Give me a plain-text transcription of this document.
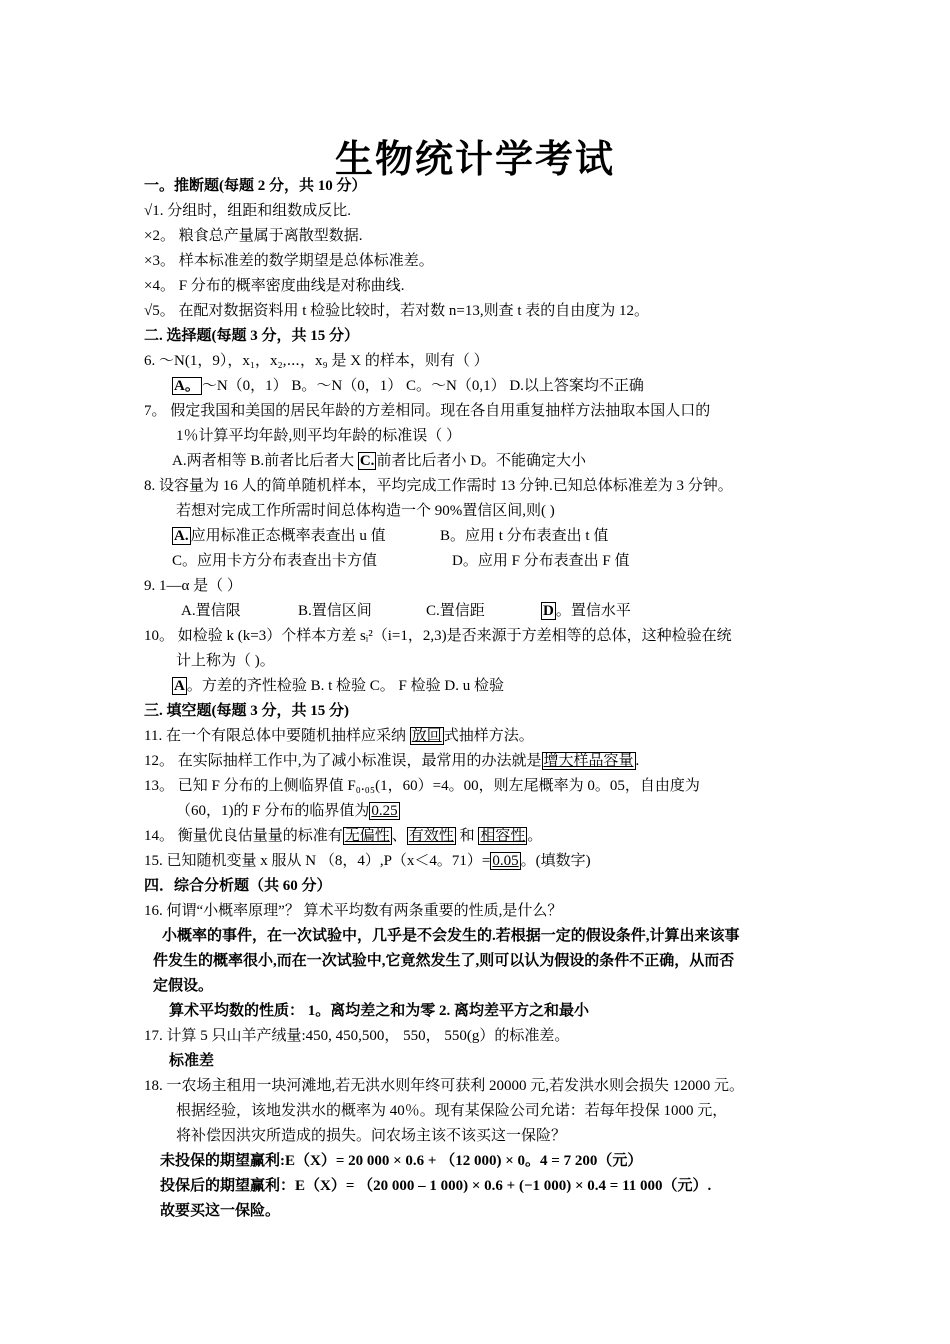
生物统计学考试
一。推断题(每题 2 分，共 10 分）
√1. 分组时，组距和组数成反比.
×2。 粮食总产量属于离散型数据.
×3。 样本标准差的数学期望是总体标准差。
×4。 F 分布的概率密度曲线是对称曲线.
√5。 在配对数据资料用 t 检验比较时，若对数 n=13,则查 t 表的自由度为 12。
二. 选择题(每题 3 分，共 15 分）
6. ～N(1，9），x₁，x₂,⋯，x₉ 是 X 的样本，则有（ ）
A。 ～N（0，1） B。～N（0，1） C。～N（0,1） D.以上答案均不正确
7。 假定我国和美国的居民年龄的方差相同。现在各自用重复抽样方法抽取本国人口的
1％计算平均年龄,则平均年龄的标准误（ ）
A.两者相等 B.前者比后者大 C. 前者比后者小 D。不能确定大小
8. 设容量为 16 人的简单随机样本，平均完成工作需时 13 分钟.已知总体标准差为 3 分钟。
若想对完成工作所需时间总体构造一个 90%置信区间,则( )
A. 应用标准正态概率表查出 u 值	B。应用 t 分布表查出 t 值
C。应用卡方分布表查出卡方值	D。应用 F 分布表查出 F 值
9. 1—α 是（ ）
A.置信限	B.置信区间	C.置信距	D 。置信水平
10。 如检验 k (k=3）个样本方差 sᵢ²（i=1，2,3)是否来源于方差相等的总体，这种检验在统
计上称为（ )。
A 。方差的齐性检验 B. t 检验 C。 F 检验 D. u 检验
三. 填空题(每题 3 分，共 15 分)
11. 在一个有限总体中要随机抽样应采纳 放回 式抽样方法。
12。 在实际抽样工作中,为了减小标准误，最常用的办法就是 增大样品容量 .
13。 已知 F 分布的上侧临界值 F₀.₀₅(1，60）=4。00，则左尾概率为 0。05，自由度为
（60，1)的 F 分布的临界值为 0.25
14。 衡量优良估量量的标准有 无偏性 、 有效性 和 相容性 。
15. 已知随机变量 x 服从 N （8，4）,P（x＜4。71）= 0.05 。(填数字)
四．综合分析题（共 60 分）
16. 何谓“小概率原理”？ 算术平均数有两条重要的性质,是什么？
小概率的事件，在一次试验中，几乎是不会发生的.若根据一定的假设条件,计算出来该事
件发生的概率很小,而在一次试验中,它竟然发生了,则可以认为假设的条件不正确，从而否
定假设。
算术平均数的性质： 1。离均差之和为零 2. 离均差平方之和最小
17. 计算 5 只山羊产绒量:450, 450,500， 550， 550(g）的标准差。
标准差
18. 一农场主租用一块河滩地,若无洪水则年终可获利 20000 元,若发洪水则会损失 12000 元。
根据经验，该地发洪水的概率为 40％。现有某保险公司允诺：若每年投保 1000 元，
将补偿因洪灾所造成的损失。问农场主该不该买这一保险？
未投保的期望赢利:E（X）= 20 000 × 0.6 + （12 000) × 0。4 = 7 200（元）
投保后的期望赢利：E（X）= （20 000 – 1 000) × 0.6 + (−1 000) × 0.4 = 11 000（元）.
故要买这一保险。
